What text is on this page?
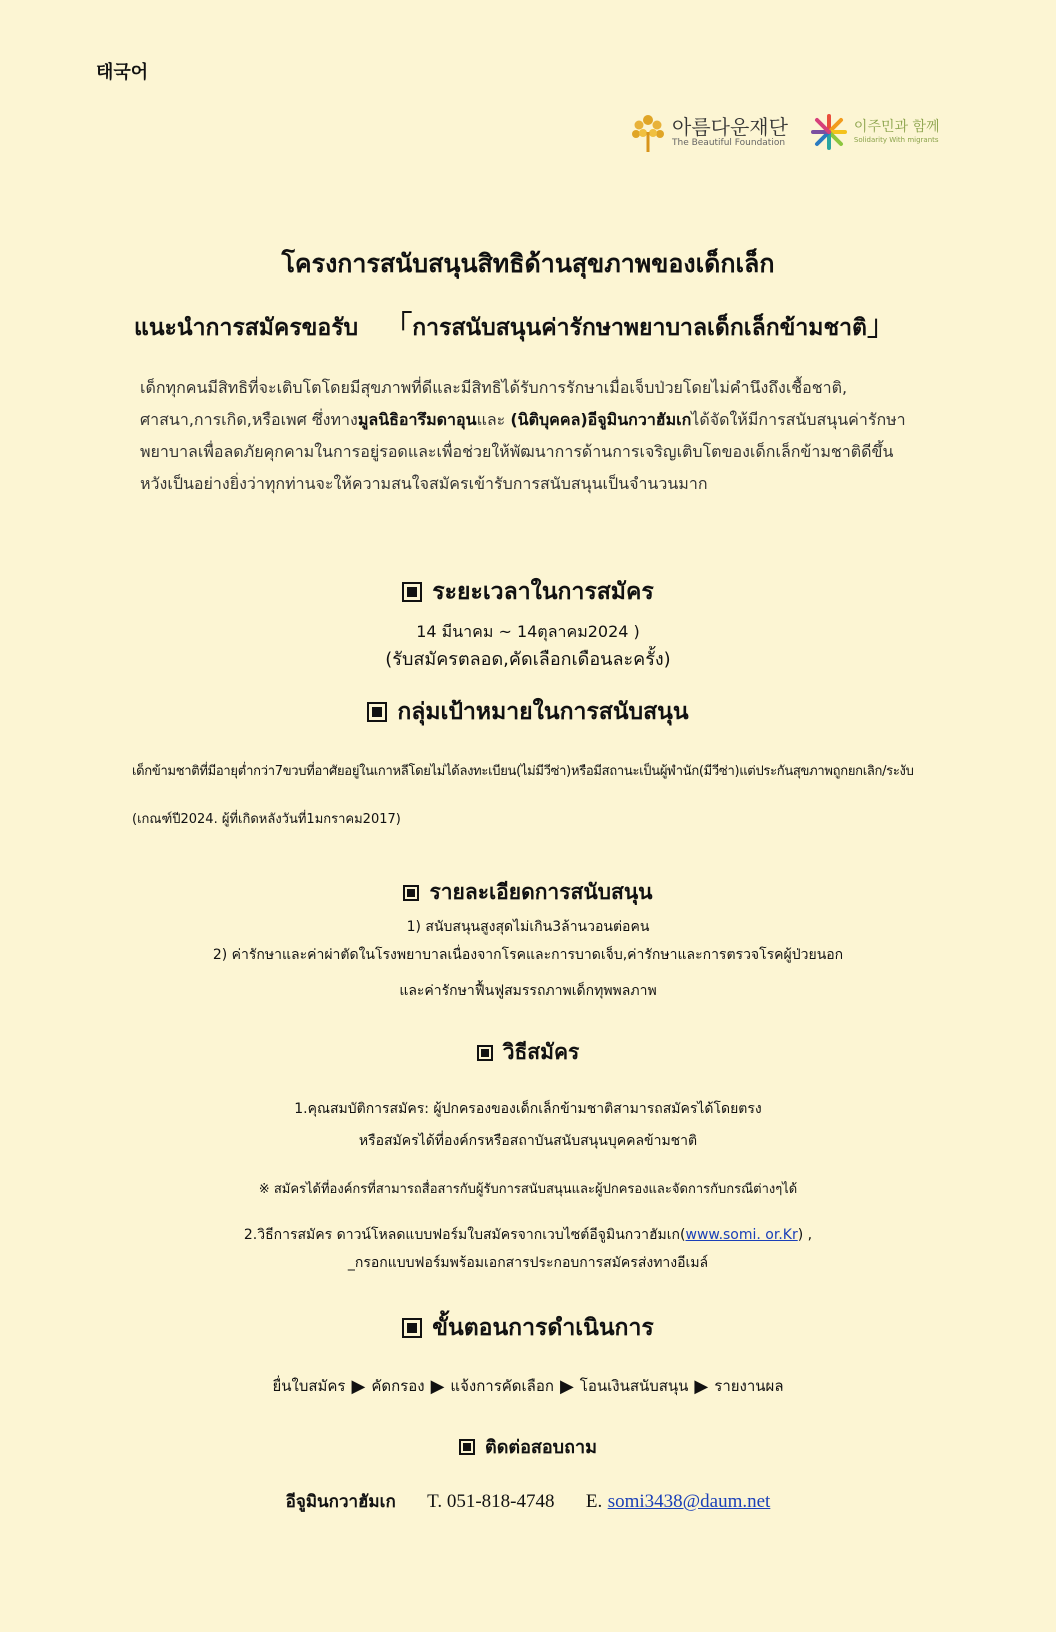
태국어
아름다운재단
The Beautiful Foundation
이주민과 함께
Solidarity With migrants
โครงการสนับสนุนสิทธิด้านสุขภาพของเด็กเล็ก
แนะนำการสมัครขอรับ 「การสนับสนุนค่ารักษาพยาบาลเด็กเล็กข้ามชาติ」
เด็กทุกคนมีสิทธิที่จะเติบโตโดยมีสุขภาพที่ดีและมีสิทธิได้รับการรักษาเมื่อเจ็บป่วยโดยไม่คำนึงถึงเชื้อชาติ, ศาสนา,การเกิด,หรือเพศ ซึ่งทางมูลนิธิอารึมดาอุนและ (นิติบุคคล)อีจูมินกวาฮัมเกได้จัดให้มีการสนับสนุนค่ารักษาพยาบาลเพื่อลดภัยคุกคามในการอยู่รอดและเพื่อช่วยให้พัฒนาการด้านการเจริญเติบโตของเด็กเล็กข้ามชาติดีขึ้น หวังเป็นอย่างยิ่งว่าทุกท่านจะให้ความสนใจสมัครเข้ารับการสนับสนุนเป็นจำนวนมาก
ระยะเวลาในการสมัคร
14 มีนาคม ~ 14ตุลาคม2024 )
(รับสมัครตลอด,คัดเลือกเดือนละครั้ง)
กลุ่มเป้าหมายในการสนับสนุน
เด็กข้ามชาติที่มีอายุต่ำกว่า7ขวบที่อาศัยอยู่ในเกาหลีโดยไม่ได้ลงทะเบียน(ไม่มีวีซ่า)หรือมีสถานะเป็นผู้พำนัก(มีวีซ่า)แต่ประกันสุขภาพถูกยกเลิก/ระงับ
(เกณฑ์ปี2024. ผู้ที่เกิดหลังวันที่1มกราคม2017)
รายละเอียดการสนับสนุน
1) สนับสนุนสูงสุดไม่เกิน3ล้านวอนต่อคน
2) ค่ารักษาและค่าผ่าตัดในโรงพยาบาลเนื่องจากโรคและการบาดเจ็บ,ค่ารักษาและการตรวจโรคผู้ป่วยนอก
และค่ารักษาฟื้นฟูสมรรถภาพเด็กทุพพลภาพ
วิธีสมัคร
1.คุณสมบัติการสมัคร: ผู้ปกครองของเด็กเล็กข้ามชาติสามารถสมัครได้โดยตรง
หรือสมัครได้ที่องค์กรหรือสถาบันสนับสนุนบุคคลข้ามชาติ
※ สมัครได้ที่องค์กรที่สามารถสื่อสารกับผู้รับการสนับสนุนและผู้ปกครองและจัดการกับกรณีต่างๆได้
2.วิธีการสมัคร ดาวน์โหลดแบบฟอร์มใบสมัครจากเวบไซต์อีจูมินกวาฮัมเก(www.somi. or.Kr) ,
_กรอกแบบฟอร์มพร้อมเอกสารประกอบการสมัครส่งทางอีเมล์
ขั้นตอนการดำเนินการ
ยื่นใบสมัคร ▶ คัดกรอง ▶ แจ้งการคัดเลือก ▶ โอนเงินสนับสนุน ▶ รายงานผล
ติดต่อสอบถาม
อีจูมินกวาฮัมเก T. 051-818-4748 E. somi3438@daum.net
